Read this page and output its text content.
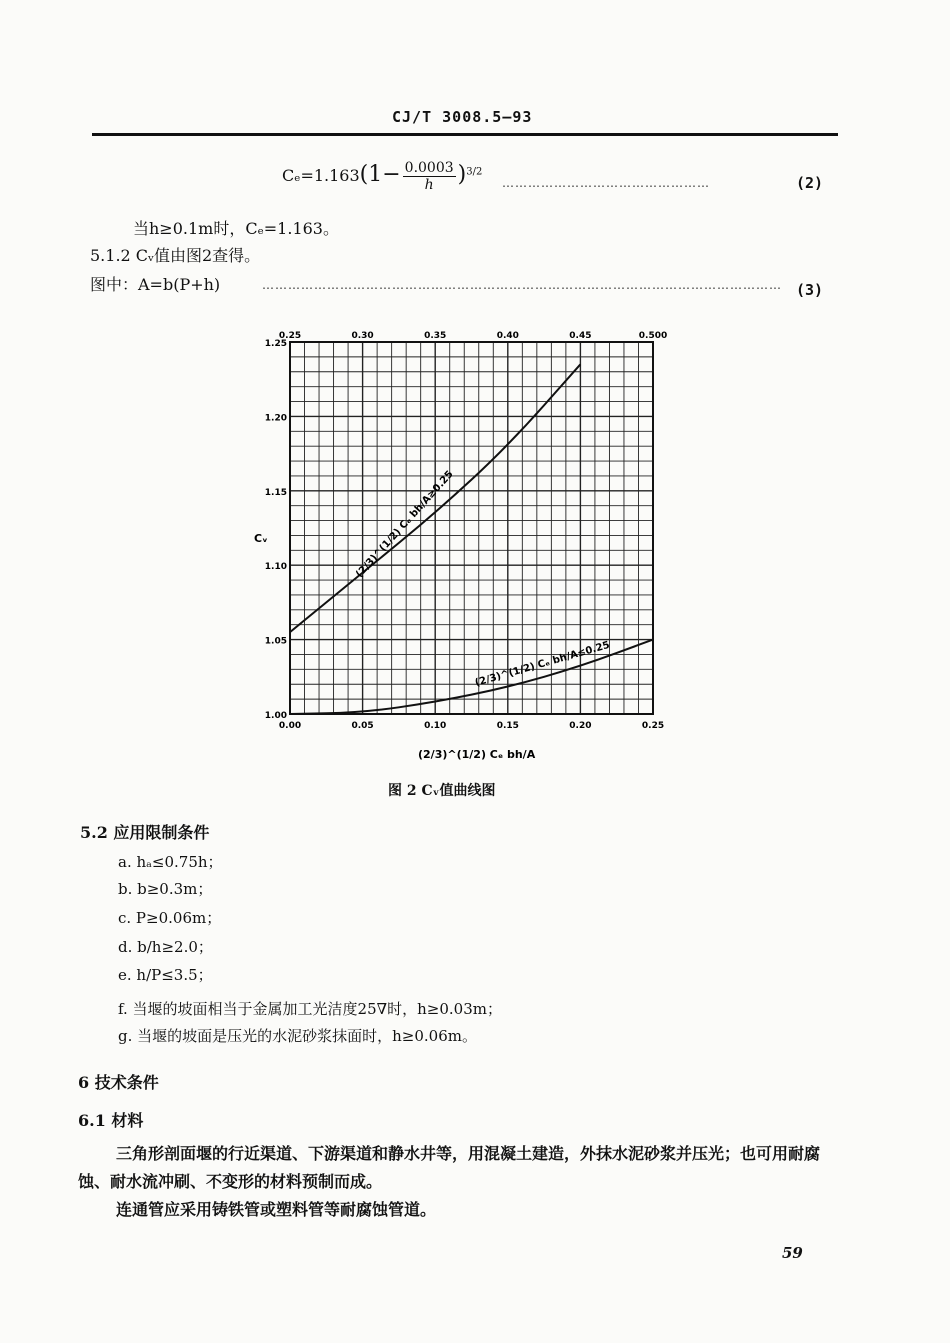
CJ/T 3008.5—93
$C_e=1.163(1- \frac{0.0003}{h} )^{3/2}$
…………………………………………	(2)
当h≥0.1m时，Cₑ=1.163。
5.1.2 Cᵥ值由图2查得。
图中：A=b(P+h)	………………………………………………………………………………………………………… (3)
0.00	0.05	0.10	0.15	0.20	0.25
0.25	0.30	0.35	0.40	0.45	0.500
1.00
1.05
1.10
1.15
1.20
1.25
Cᵥ
(2/3)^(1/2) Cₑ bh/A
(2/3)^(1/2) Cₑ bh/A≥0.25
(2/3)^(1/2) Cₑ bh/A≤0.25
图 2 Cᵥ值曲线图
5.2 应用限制条件
a. hₐ≤0.75h；
b. b≥0.3m；
c. P≥0.06m；
d. b/h≥2.0；
e. h/P≤3.5；
f. 当堰的坡面相当于金属加工光洁度25∇时，h≥0.03m；
g. 当堰的坡面是压光的水泥砂浆抹面时，h≥0.06m。
6 技术条件
6.1 材料
三角形剖面堰的行近渠道、下游渠道和静水井等，用混凝土建造，外抹水泥砂浆并压光；也可用耐腐蚀、耐水流冲刷、不变形的材料预制而成。
连通管应采用铸铁管或塑料管等耐腐蚀管道。
59
